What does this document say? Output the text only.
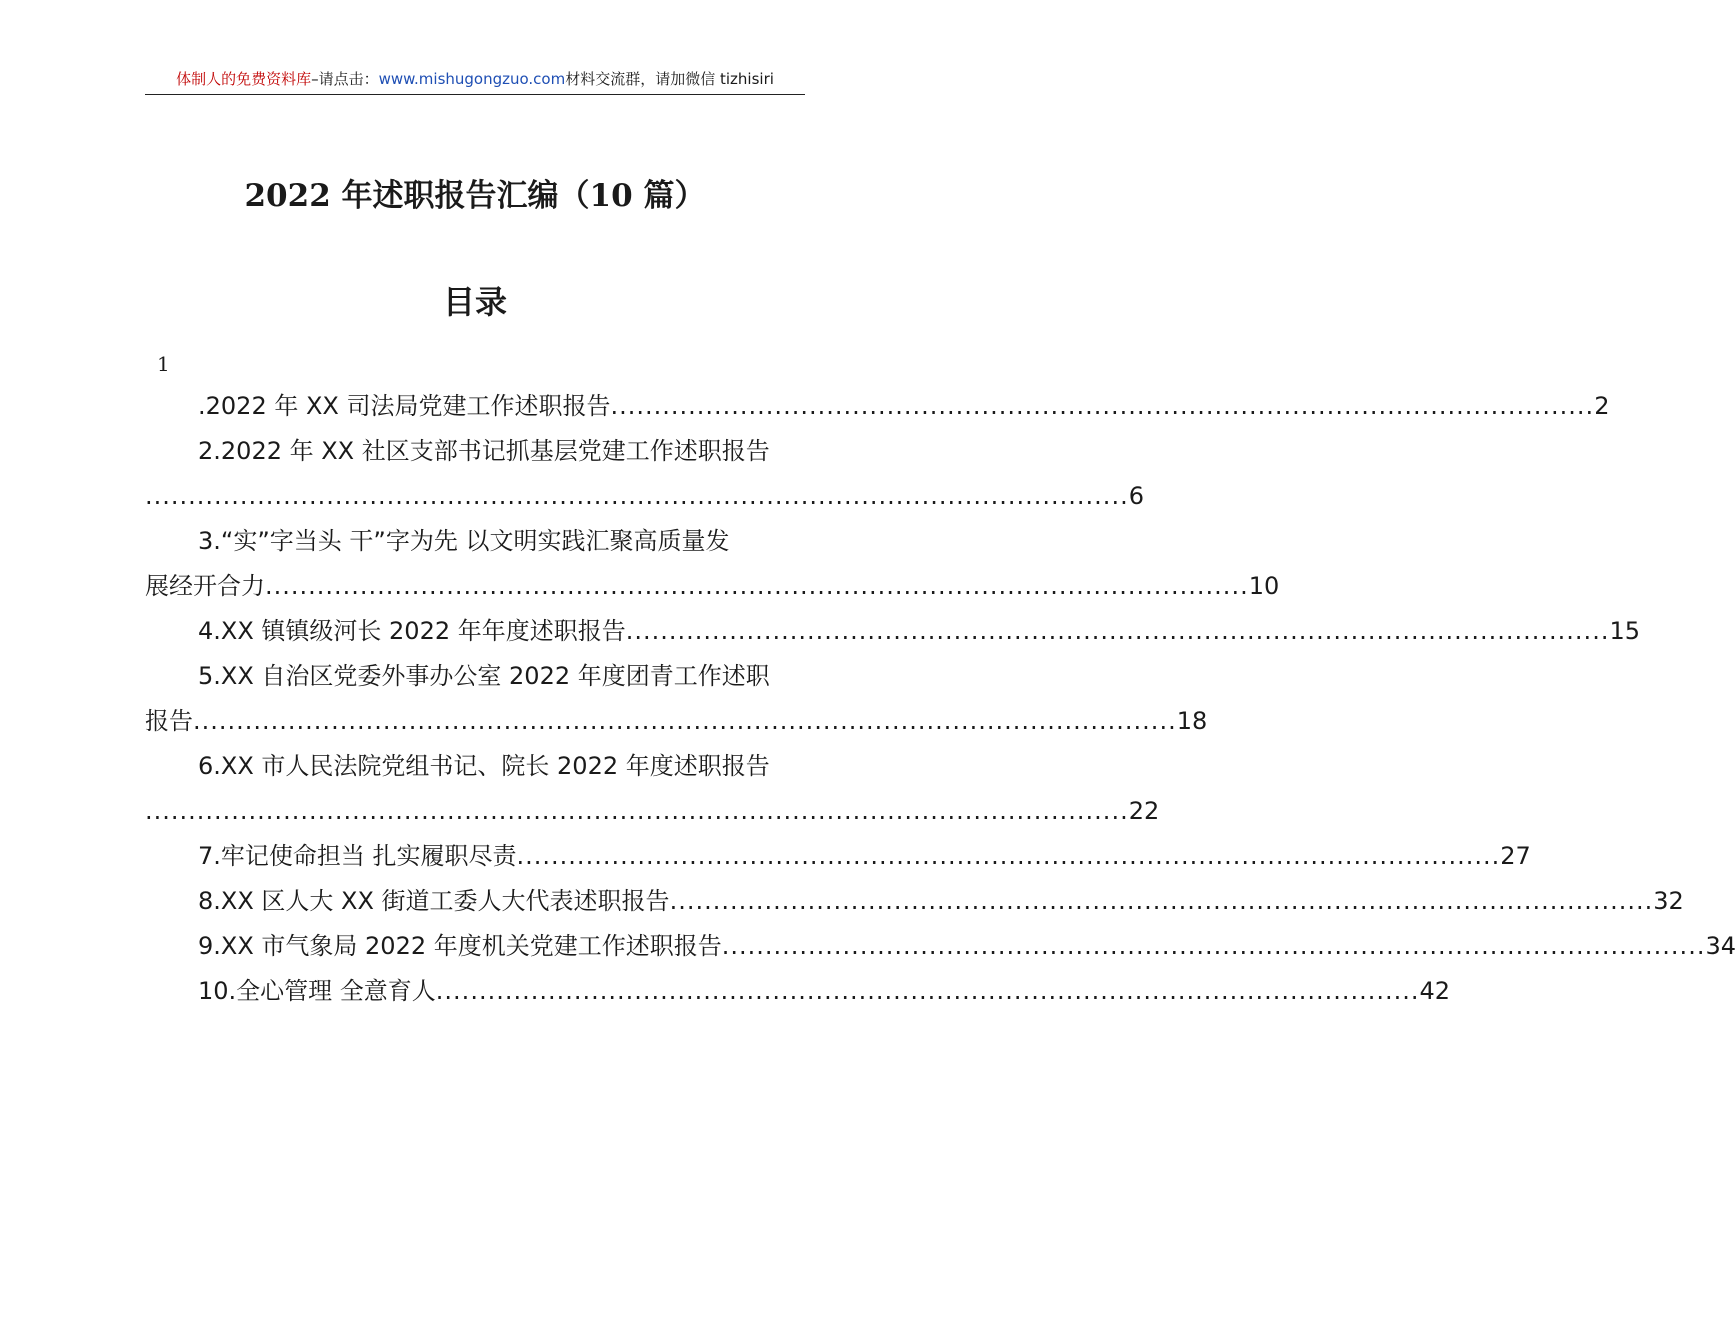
体制人的免费资料库–请点击：www.mishugongzuo.com材料交流群，请加微信 tizhisiri
2022 年述职报告汇编（10 篇）
目录
1
.2022 年 XX 司法局党建工作述职报告 .................................................................................................................. 2
2.2022 年 XX 社区支部书记抓基层党建工作述职报告
.................................................................................................................. 6
3.“实”字当头 干”字为先 以文明实践汇聚高质量发
展经开合力 .................................................................................................................. 10
4.XX 镇镇级河长 2022 年年度述职报告 .................................................................................................................. 15
5.XX 自治区党委外事办公室 2022 年度团青工作述职
报告 .................................................................................................................. 18
6.XX 市人民法院党组书记、院长 2022 年度述职报告
.................................................................................................................. 22
7.牢记使命担当 扎实履职尽责 .................................................................................................................. 27
8.XX 区人大 XX 街道工委人大代表述职报告 .................................................................................................................. 32
9.XX 市气象局 2022 年度机关党建工作述职报告 .................................................................................................................. 34
10.全心管理 全意育人 .................................................................................................................. 42
